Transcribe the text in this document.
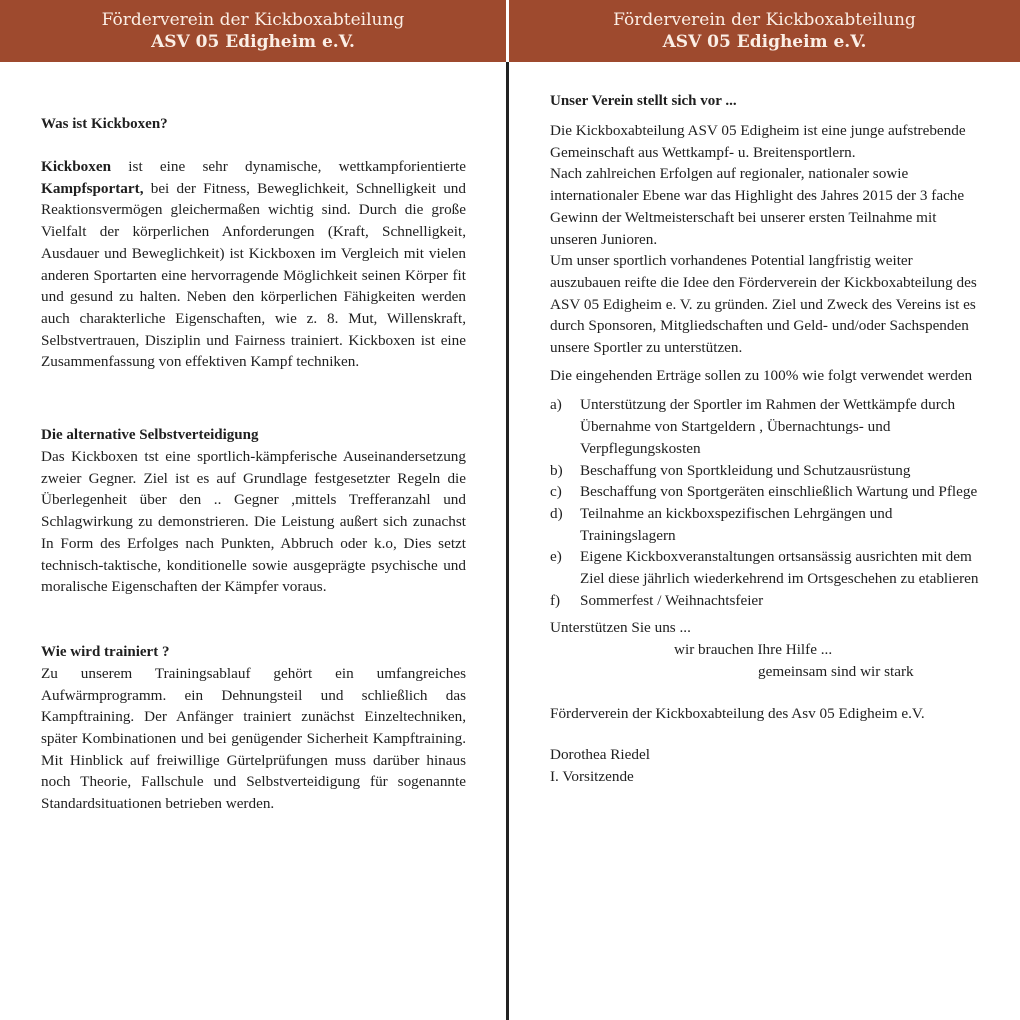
Förderverein der Kickboxabteilung
ASV 05 Edigheim e.V.
Was ist Kickboxen?

Kickboxen ist eine sehr dynamische, wettkampforientierte Kampfsportart, bei der Fitness, Beweglichkeit, Schnelligkeit und Reaktionsvermögen gleichermaßen wichtig sind. Durch die große Vielfalt der körperlichen Anforderungen (Kraft, Schnelligkeit, Ausdauer und Beweglichkeit) ist Kickboxen im Vergleich mit vielen anderen Sportarten eine hervorragende Möglichkeit seinen Körper fit und gesund zu halten. Neben den körperlichen Fähigkeiten werden auch charakterliche Eigenschaften, wie z. 8. Mut, Willenskraft, Selbstvertrauen, Disziplin und Fairness trainiert. Kickboxen ist eine Zusammenfassung von effektiven Kampf techniken.

Die alternative Selbstverteidigung

Das Kickboxen tst eine sportlich-kämpferische Auseinandersetzung zweier Gegner. Ziel ist es auf Grundlage festgesetzter Regeln die Überlegenheit über den .. Gegner ,mittels Trefferanzahl und Schlagwirkung zu demonstrieren. Die Leistung außert sich zunachst In Form des Erfolges nach Punkten, Abbruch oder k.o, Dies setzt technisch-taktische, konditionelle sowie ausgeprägte psychische und moralische Eigenschaften der Kämpfer voraus.

Wie wird trainiert ?

Zu unserem Trainingsablauf gehört ein umfangreiches Aufwärmprogramm. ein Dehnungsteil und schließlich das Kampftraining. Der Anfänger trainiert zunächst Einzeltechniken, später Kombinationen und bei genügender Sicherheit Kampftraining. Mit Hinblick auf freiwillige Gürtelprüfungen muss darüber hinaus noch Theorie, Fallschule und Selbstverteidigung für sogenannte Standardsituationen betrieben werden.

Förderverein der Kickboxabteilung
ASV 05 Edigheim e.V.
Unser Verein stellt sich vor ...

Die Kickboxabteilung ASV 05 Edigheim ist eine junge aufstrebende Gemeinschaft aus Wettkampf- u. Breitensportlern.

Nach zahlreichen Erfolgen auf regionaler, nationaler sowie internationaler Ebene war das Highlight des Jahres 2015 der 3 fache Gewinn der Weltmeisterschaft bei unserer ersten Teilnahme mit unseren Junioren.

Um unser sportlich vorhandenes Potential langfristig weiter auszubauen reifte die Idee den Förderverein der Kickboxabteilung des ASV 05 Edigheim e. V. zu gründen. Ziel und Zweck des Vereins ist es durch Sponsoren, Mitgliedschaften und Geld- und/oder Sachspenden unsere Sportler zu unterstützen.

Die eingehenden Erträge sollen zu 100% wie folgt verwendet werden

a) Unterstützung der Sportler im Rahmen der Wettkämpfe durch Übernahme von Startgeldern , Übernachtungs- und Verpflegungskosten
b) Beschaffung von Sportkleidung und Schutzausrüstung
c) Beschaffung von Sportgeräten einschließlich Wartung und Pflege
d) Teilnahme an kickboxspezifischen Lehrgängen und Trainingslagern
e) Eigene Kickboxveranstaltungen ortsansässig ausrichten mit dem Ziel diese jährlich wiederkehrend im Ortsgeschehen zu etablieren
f) Sommerfest / Weihnachtsfeier
Unterstützen Sie uns ...
wir brauchen Ihre Hilfe ...
gemeinsam sind wir stark

Förderverein der Kickboxabteilung des Asv 05 Edigheim e.V.

Dorothea Riedel
I. Vorsitzende
